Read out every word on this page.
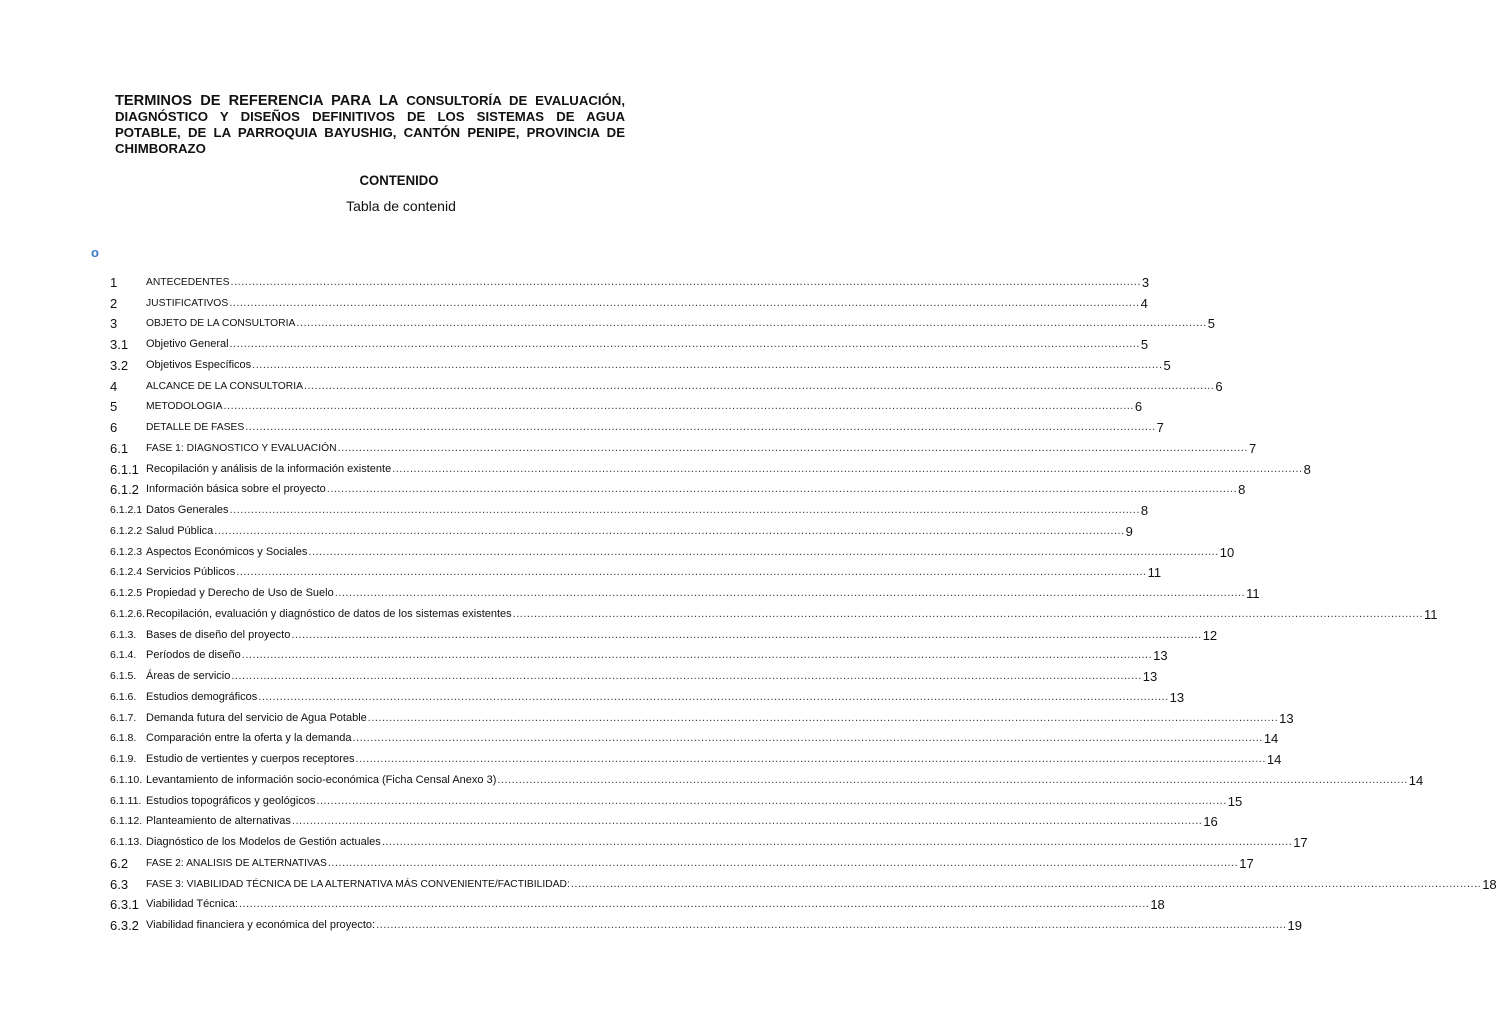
TERMINOS DE REFERENCIA PARA LA CONSULTORÍA DE EVALUACIÓN, DIAGNÓSTICO Y DISEÑOS DEFINITIVOS DE LOS SISTEMAS DE AGUA POTABLE, DE LA PARROQUIA BAYUSHIG, CANTÓN PENIPE, PROVINCIA DE CHIMBORAZO
CONTENIDO
Tabla de contenid
o
1	ANTECEDENTES .....	3
2	JUSTIFICATIVOS .....	4
3	OBJETO DE LA CONSULTORIA .....	5
3.1	Objetivo General .....	5
3.2	Objetivos Específicos .....	5
4	ALCANCE DE LA CONSULTORIA .....	6
5	METODOLOGIA .....	6
6	DETALLE DE FASES .....	7
6.1	FASE 1: DIAGNOSTICO Y EVALUACIÓN .....	7
6.1.1 Recopilación y análisis de la información existente .....	8
6.1.2 Información básica sobre el proyecto .....	8
6.1.2.1 Datos Generales .....	8
6.1.2.2 Salud Pública .....	9
6.1.2.3 Aspectos Económicos y Sociales .....	10
6.1.2.4 Servicios Públicos .....	11
6.1.2.5 Propiedad y Derecho de Uso de Suelo .....	11
6.1.2.6. Recopilación, evaluación y diagnóstico de datos de los sistemas existentes .....	11
6.1.3. Bases de diseño del proyecto .....	12
6.1.4. Períodos de diseño .....	13
6.1.5. Áreas de servicio .....	13
6.1.6. Estudios demográficos .....	13
6.1.7. Demanda futura del servicio de Agua Potable .....	13
6.1.8. Comparación entre la oferta y la demanda .....	14
6.1.9. Estudio de vertientes y cuerpos receptores .....	14
6.1.10. Levantamiento de información socio-económica (Ficha Censal Anexo 3) .....	14
6.1.11. Estudios topográficos y geológicos .....	15
6.1.12. Planteamiento de alternativas .....	16
6.1.13. Diagnóstico de los Modelos de Gestión actuales .....	17
6.2	FASE 2: ANALISIS DE ALTERNATIVAS .....	17
6.3	FASE 3: VIABILIDAD TÉCNICA DE LA ALTERNATIVA MÁS CONVENIENTE/FACTIBILIDAD: .....	18
6.3.1 Viabilidad Técnica: .....	18
6.3.2 Viabilidad financiera y económica del proyecto: .....	19
